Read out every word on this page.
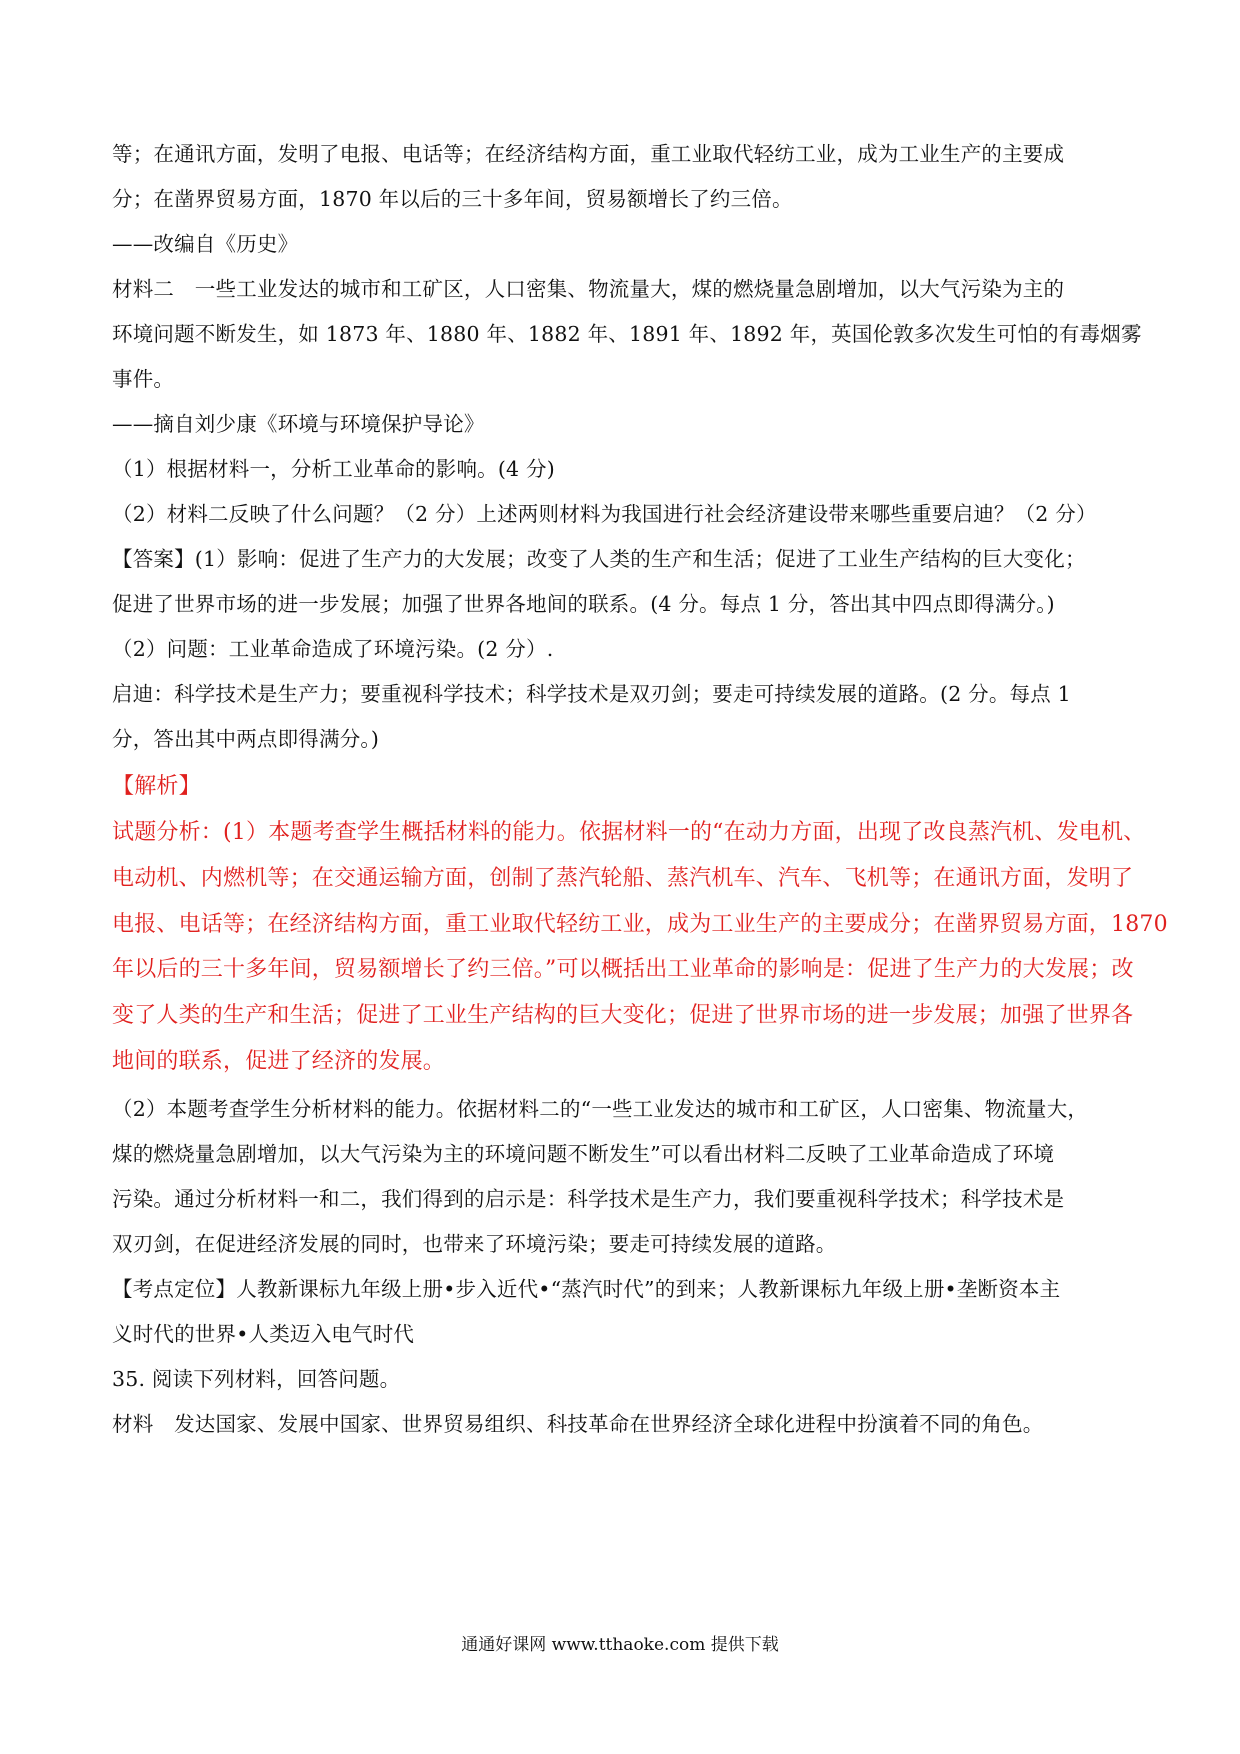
等；在通讯方面，发明了电报、电话等；在经济结构方面，重工业取代轻纺工业，成为工业生产的主要成
分；在凿界贸易方面，1870 年以后的三十多年间，贸易额增长了约三倍。
——改编自《历史》
材料二　一些工业发达的城市和工矿区，人口密集、物流量大，煤的燃烧量急剧增加，以大气污染为主的
环境问题不断发生，如 1873 年、1880 年、1882 年、1891 年、1892 年，英国伦敦多次发生可怕的有毒烟雾
事件。
——摘自刘少康《环境与环境保护导论》
（1）根据材料一，分析工业革命的影响。(4 分)
（2）材料二反映了什么问题？（2 分）上述两则材料为我国进行社会经济建设带来哪些重要启迪？（2 分）
【答案】(1）影响：促进了生产力的大发展；改变了人类的生产和生活；促进了工业生产结构的巨大变化；
促进了世界市场的进一步发展；加强了世界各地间的联系。(4 分。每点 1 分，答出其中四点即得满分。)
（2）问题：工业革命造成了环境污染。(2 分）.
启迪：科学技术是生产力；要重视科学技术；科学技术是双刃剑；要走可持续发展的道路。(2 分。每点 1
分，答出其中两点即得满分。)
【解析】
试题分析：(1）本题考查学生概括材料的能力。依据材料一的“在动力方面，出现了改良蒸汽机、发电机、
电动机、内燃机等；在交通运输方面，创制了蒸汽轮船、蒸汽机车、汽车、飞机等；在通讯方面，发明了
电报、电话等；在经济结构方面，重工业取代轻纺工业，成为工业生产的主要成分；在凿界贸易方面，1870
年以后的三十多年间，贸易额增长了约三倍。”可以概括出工业革命的影响是：促进了生产力的大发展；改
变了人类的生产和生活；促进了工业生产结构的巨大变化；促进了世界市场的进一步发展；加强了世界各
地间的联系，促进了经济的发展。
（2）本题考查学生分析材料的能力。依据材料二的“一些工业发达的城市和工矿区，人口密集、物流量大，
煤的燃烧量急剧增加，以大气污染为主的环境问题不断发生”可以看出材料二反映了工业革命造成了环境
污染。通过分析材料一和二，我们得到的启示是：科学技术是生产力，我们要重视科学技术；科学技术是
双刃剑，在促进经济发展的同时，也带来了环境污染；要走可持续发展的道路。
【考点定位】人教新课标九年级上册•步入近代•“蒸汽时代”的到来；人教新课标九年级上册•垄断资本主
义时代的世界•人类迈入电气时代
35. 阅读下列材料，回答问题。
材料　发达国家、发展中国家、世界贸易组织、科技革命在世界经济全球化进程中扮演着不同的角色。
通通好课网 www.tthaoke.com 提供下载
